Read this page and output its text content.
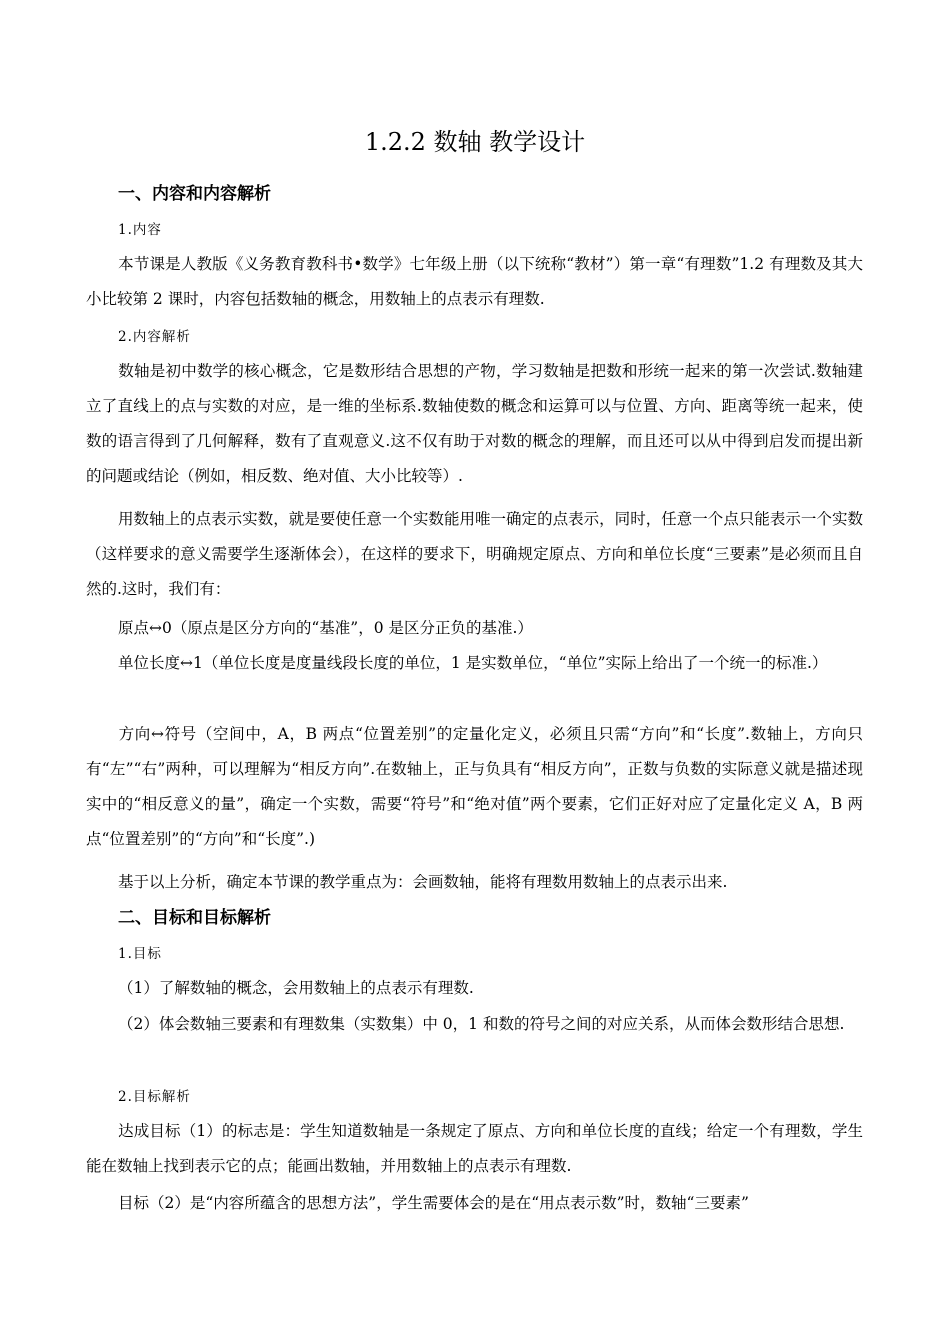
1.2.2 数轴 教学设计
一、内容和内容解析
1.内容
本节课是人教版《义务教育教科书•数学》七年级上册（以下统称“教材”）第一章“有理数”1.2 有理数及其大小比较第 2 课时，内容包括数轴的概念，用数轴上的点表示有理数.
2.内容解析
数轴是初中数学的核心概念，它是数形结合思想的产物，学习数轴是把数和形统一起来的第一次尝试.数轴建立了直线上的点与实数的对应，是一维的坐标系.数轴使数的概念和运算可以与位置、方向、距离等统一起来，使数的语言得到了几何解释，数有了直观意义.这不仅有助于对数的概念的理解，而且还可以从中得到启发而提出新的问题或结论（例如，相反数、绝对值、大小比较等）.
用数轴上的点表示实数，就是要使任意一个实数能用唯一确定的点表示，同时，任意一个点只能表示一个实数（这样要求的意义需要学生逐渐体会），在这样的要求下，明确规定原点、方向和单位长度“三要素”是必须而且自然的.这时，我们有：
原点↔0（原点是区分方向的“基准”，0 是区分正负的基准.）
单位长度↔1（单位长度是度量线段长度的单位，1 是实数单位，“单位”实际上给出了一个统一的标准.）
方向↔符号（空间中，A，B 两点“位置差别”的定量化定义，必须且只需“方向”和“长度”.数轴上，方向只有“左”“右”两种，可以理解为“相反方向”.在数轴上，正与负具有“相反方向”，正数与负数的实际意义就是描述现实中的“相反意义的量”，确定一个实数，需要“符号”和“绝对值”两个要素，它们正好对应了定量化定义 A，B 两点“位置差别”的“方向”和“长度”.)
基于以上分析，确定本节课的教学重点为：会画数轴，能将有理数用数轴上的点表示出来.
二、目标和目标解析
1.目标
（1）了解数轴的概念，会用数轴上的点表示有理数.
（2）体会数轴三要素和有理数集（实数集）中 0，1 和数的符号之间的对应关系，从而体会数形结合思想.
2.目标解析
达成目标（1）的标志是：学生知道数轴是一条规定了原点、方向和单位长度的直线；给定一个有理数，学生能在数轴上找到表示它的点；能画出数轴，并用数轴上的点表示有理数.
目标（2）是“内容所蕴含的思想方法”，学生需要体会的是在“用点表示数”时，数轴“三要素”
